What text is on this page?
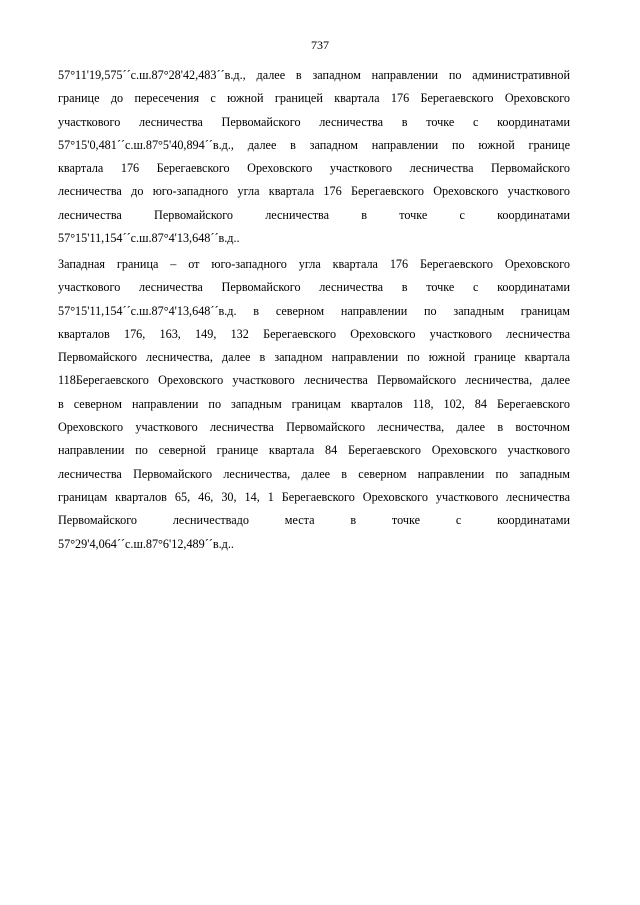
737
57°11'19,575´´с.ш.87°28'42,483´´в.д., далее в западном направлении по административной
границе до пересечения с южной границей квартала 176 Берегаевского Ореховского
участкового лесничества Первомайского лесничества в точке с координатами
57°15'0,481´´с.ш.87°5'40,894´´в.д., далее в западном направлении по южной границе
квартала 176 Берегаевского Ореховского участкового лесничества Первомайского
лесничества до юго-западного угла квартала 176 Берегаевского Ореховского участкового
лесничества Первомайского лесничества в точке с координатами
57°15'11,154´´с.ш.87°4'13,648´´в.д..
Западная граница – от юго-западного угла квартала 176 Берегаевского Ореховского
участкового лесничества Первомайского лесничества в точке с координатами
57°15'11,154´´с.ш.87°4'13,648´´в.д. в северном направлении по западным границам
кварталов 176, 163, 149, 132 Берегаевского Ореховского участкового лесничества
Первомайского лесничества, далее в западном направлении по южной границе квартала
118Берегаевского Ореховского участкового лесничества Первомайского лесничества, далее
в северном направлении по западным границам кварталов 118, 102, 84 Берегаевского
Ореховского участкового лесничества Первомайского лесничества, далее в восточном
направлении по северной границе квартала 84 Берегаевского Ореховского участкового
лесничества Первомайского лесничества, далее в северном направлении по западным
границам кварталов 65, 46, 30, 14, 1 Берегаевского Ореховского участкового лесничества
Первомайского лесничествадо места в точке с координатами
57°29'4,064´´с.ш.87°6'12,489´´в.д..
